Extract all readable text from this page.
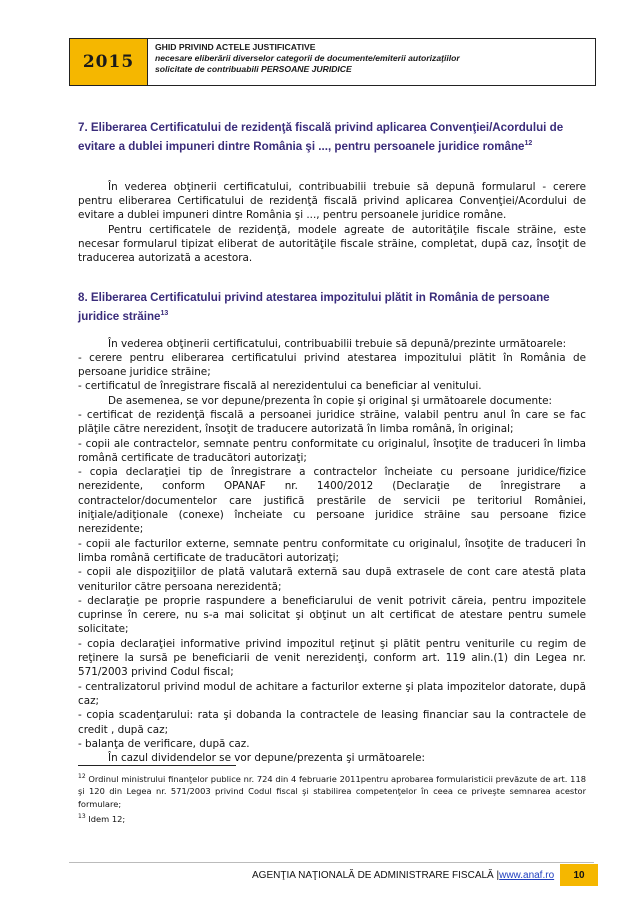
2015
GHID PRIVIND ACTELE JUSTIFICATIVE
necesare eliberării diverselor categorii de documente/emiterii autorizaţiilor
solicitate de contribuabili PERSOANE JURIDICE
7. Eliberarea Certificatului de rezidenţă fiscală privind aplicarea Convenţiei/Acordului de evitare a dublei impuneri dintre România şi ..., pentru persoanele juridice române$^{12}$

În vederea obţinerii certificatului, contribuabilii trebuie să depună formularul - cerere pentru eliberarea Certificatului de rezidenţă fiscală privind aplicarea Convenţiei/Acordului de evitare a dublei impuneri dintre România şi ..., pentru persoanele juridice române.

Pentru certificatele de rezidenţă, modele agreate de autorităţile fiscale străine, este necesar formularul tipizat eliberat de autorităţile fiscale străine, completat, după caz, însoţit de traducerea autorizată a acestora.

8. Eliberarea Certificatului privind atestarea impozitului plătit in România de persoane juridice străine$^{13}$

În vederea obţinerii certificatului, contribuabilii trebuie să depună/prezinte următoarele:

- cerere pentru eliberarea certificatului privind atestarea impozitului plătit în România de persoane juridice străine;

- certificatul de înregistrare fiscală al nerezidentului ca beneficiar al venitului.

De asemenea, se vor depune/prezenta în copie şi original şi următoarele documente:

- certificat de rezidenţă fiscală a persoanei juridice străine, valabil pentru anul în care se fac plăţile către nerezident, însoţit de traducere autorizată în limba română, în original;

- copii ale contractelor, semnate pentru conformitate cu originalul, însoţite de traduceri în limba română certificate de traducători autorizaţi;

- copia declaraţiei tip de înregistrare a contractelor încheiate cu persoane juridice/fizice nerezidente, conform OPANAF nr. 1400/2012 (Declaraţie de înregistrare a contractelor/documentelor care justifică prestările de servicii pe teritoriul României, iniţiale/adiţionale (conexe) încheiate cu persoane juridice străine sau persoane fizice nerezidente;

- copii ale facturilor externe, semnate pentru conformitate cu originalul, însoţite de traduceri în limba română certificate de traducători autorizaţi;

- copii ale dispoziţiilor de plată valutară externă sau după extrasele de cont care atestă plata veniturilor către persoana nerezidentă;

- declaraţie pe proprie raspundere a beneficiarului de venit potrivit căreia, pentru impozitele cuprinse în cerere, nu s-a mai solicitat şi obţinut un alt certificat de atestare pentru sumele solicitate;

- copia declaraţiei informative privind impozitul reţinut şi plătit pentru veniturile cu regim de reţinere la sursă pe beneficiarii de venit nerezidenţi, conform art. 119 alin.(1) din Legea nr. 571/2003 privind Codul fiscal;

- centralizatorul privind modul de achitare a facturilor externe şi plata impozitelor datorate, după caz;

- copia scadenţarului: rata şi dobanda la contractele de leasing financiar sau la contractele de credit , după caz;

- balanţa de verificare, după caz.

În cazul dividendelor se vor depune/prezenta şi următoarele:

$^{12}$ Ordinul ministrului finanţelor publice nr. 724 din 4 februarie 2011pentru aprobarea formularisticii prevăzute de art. 118 şi 120 din Legea nr. 571/2003 privind Codul fiscal şi stabilirea competenţelor în ceea ce priveşte semnarea acestor formulare;

$^{13}$ Idem 12;

AGENŢIA NAŢIONALĂ DE ADMINISTRARE FISCALĂ |www.anaf.ro	10
